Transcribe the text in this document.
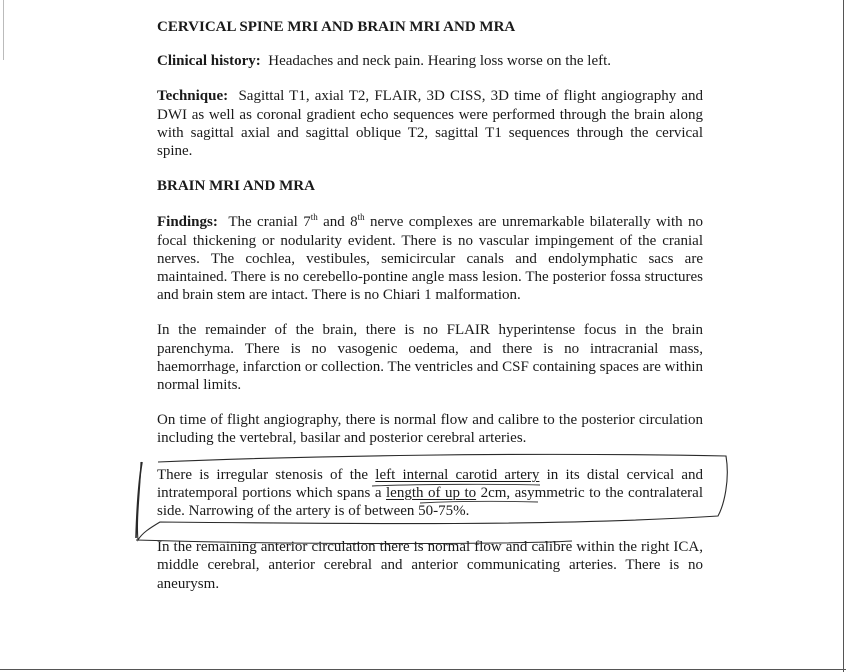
CERVICAL SPINE MRI AND BRAIN MRI AND MRA

Clinical history: Headaches and neck pain. Hearing loss worse on the left.

Technique: Sagittal T1, axial T2, FLAIR, 3D CISS, 3D time of flight angiography and DWI as well as coronal gradient echo sequences were performed through the brain along with sagittal axial and sagittal oblique T2, sagittal T1 sequences through the cervical spine.

BRAIN MRI AND MRA

Findings: The cranial 7th and 8th nerve complexes are unremarkable bilaterally with no focal thickening or nodularity evident. There is no vascular impingement of the cranial nerves. The cochlea, vestibules, semicircular canals and endolymphatic sacs are maintained. There is no cerebello-pontine angle mass lesion. The posterior fossa structures and brain stem are intact. There is no Chiari 1 malformation.

In the remainder of the brain, there is no FLAIR hyperintense focus in the brain parenchyma. There is no vasogenic oedema, and there is no intracranial mass, haemorrhage, infarction or collection. The ventricles and CSF containing spaces are within normal limits.

On time of flight angiography, there is normal flow and calibre to the posterior circulation including the vertebral, basilar and posterior cerebral arteries.

There is irregular stenosis of the left internal carotid artery in its distal cervical and intratemporal portions which spans a length of up to 2cm, asymmetric to the contralateral side. Narrowing of the artery is of between 50-75%.

In the remaining anterior circulation there is normal flow and calibre within the right ICA, middle cerebral, anterior cerebral and anterior communicating arteries. There is no aneurysm.
